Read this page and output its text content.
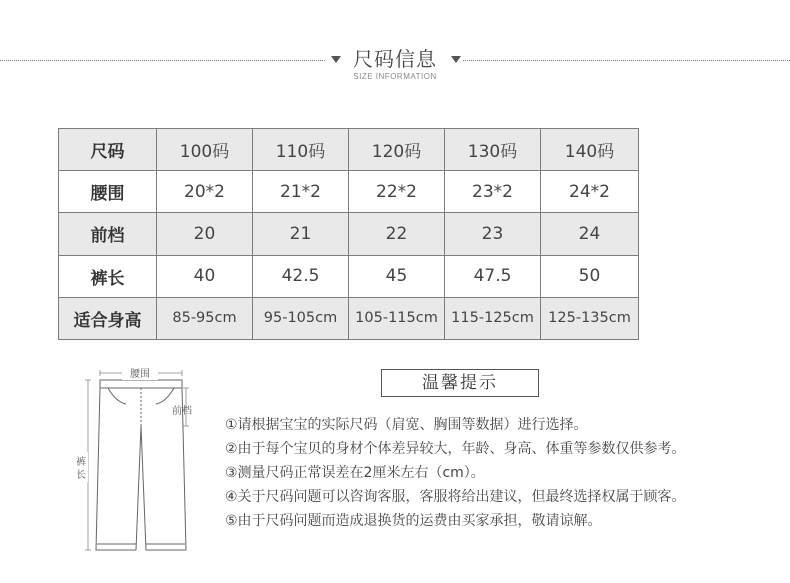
尺码信息
SIZE INFORMATION
尺码	100码	110码	120码	130码	140码
腰围	20*2	21*2	22*2	23*2	24*2
前档	20	21	22	23	24
裤长	40	42.5	45	47.5	50
适合身高	85-95cm	95-105cm	105-115cm	115-125cm	125-135cm
腰围
前档
裤
长
温馨提示
①请根据宝宝的实际尺码（肩宽、胸围等数据）进行选择。
②由于每个宝贝的身材个体差异较大，年龄、身高、体重等参数仅供参考。
③测量尺码正常误差在2厘米左右（cm）。
④关于尺码问题可以咨询客服，客服将给出建议，但最终选择权属于顾客。
⑤由于尺码问题而造成退换货的运费由买家承担，敬请谅解。
